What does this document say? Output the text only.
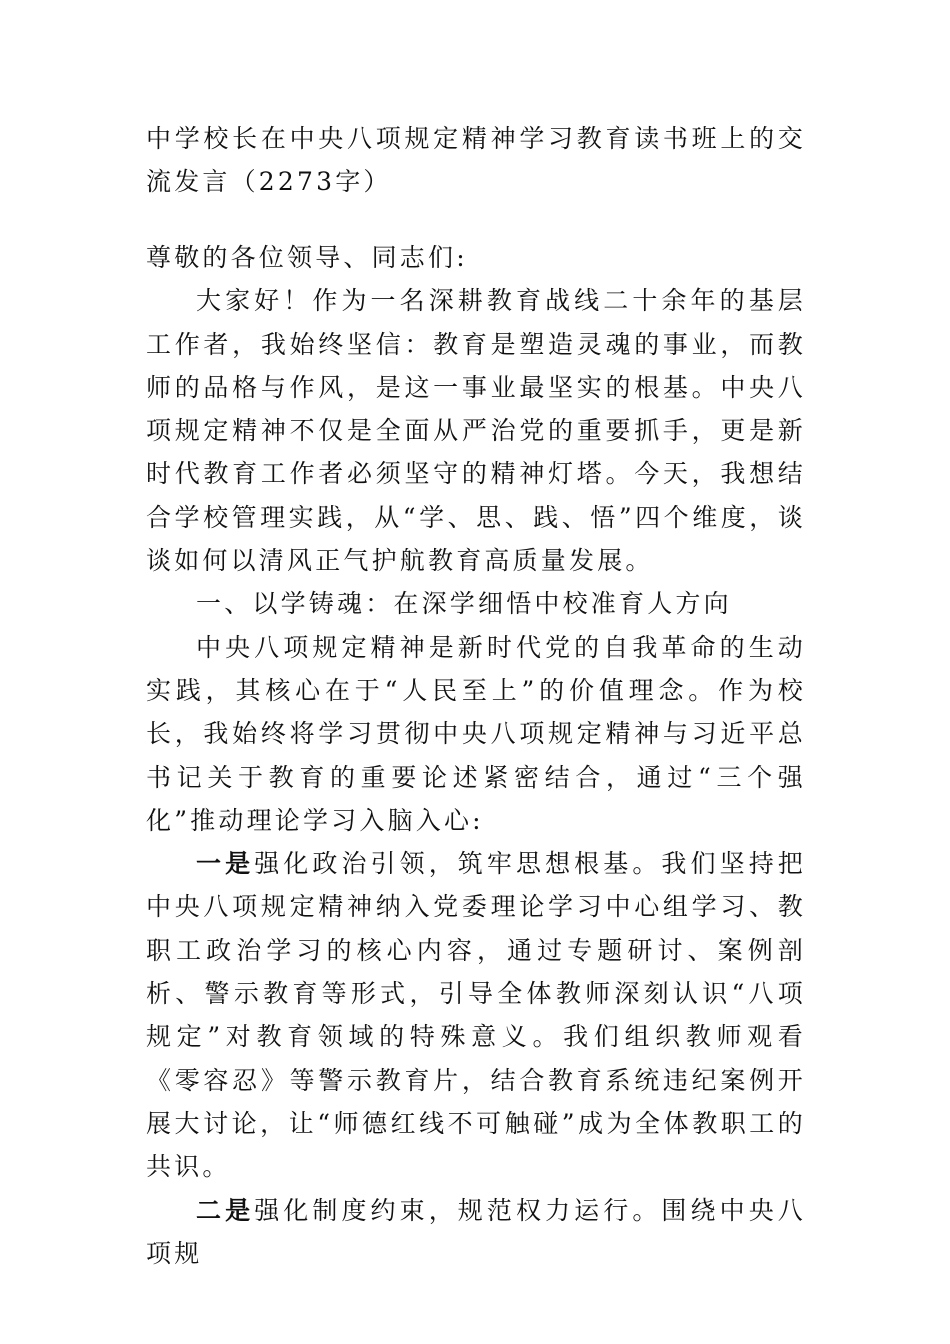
中学校长在中央八项规定精神学习教育读书班上的交流发言（2273字）

尊敬的各位领导、同志们:

大家好！作为一名深耕教育战线二十余年的基层工作者，我始终坚信：教育是塑造灵魂的事业，而教师的品格与作风，是这一事业最坚实的根基。中央八项规定精神不仅是全面从严治党的重要抓手，更是新时代教育工作者必须坚守的精神灯塔。今天，我想结合学校管理实践，从“学、思、践、悟”四个维度，谈谈如何以清风正气护航教育高质量发展。

一、以学铸魂：在深学细悟中校准育人方向

中央八项规定精神是新时代党的自我革命的生动实践，其核心在于“人民至上”的价值理念。作为校长，我始终将学习贯彻中央八项规定精神与习近平总书记关于教育的重要论述紧密结合，通过“三个强化”推动理论学习入脑入心:

一是强化政治引领，筑牢思想根基。我们坚持把中央八项规定精神纳入党委理论学习中心组学习、教职工政治学习的核心内容，通过专题研讨、案例剖析、警示教育等形式，引导全体教师深刻认识“八项规定”对教育领域的特殊意义。我们组织教师观看《零容忍》等警示教育片，结合教育系统违纪案例开展大讨论，让“师德红线不可触碰”成为全体教职工的共识。

二是强化制度约束，规范权力运行。围绕中央八项规
